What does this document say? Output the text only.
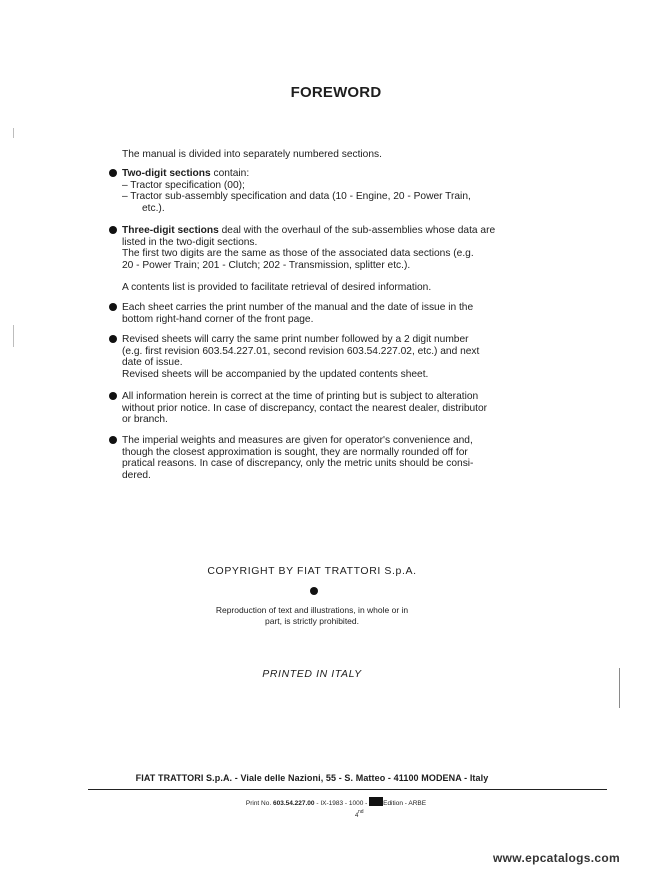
FOREWORD
The manual is divided into separately numbered sections.
Two-digit sections contain:
– Tractor specification (00);
– Tractor sub-assembly specification and data (10 - Engine, 20 - Power Train,
etc.).
Three-digit sections deal with the overhaul of the sub-assemblies whose data are
listed in the two-digit sections.
The first two digits are the same as those of the associated data sections (e.g.
20 - Power Train; 201 - Clutch; 202 - Transmission, splitter etc.).
A contents list is provided to facilitate retrieval of desired information.
Each sheet carries the print number of the manual and the date of issue in the
bottom right-hand corner of the front page.
Revised sheets will carry the same print number followed by a 2 digit number
(e.g. first revision 603.54.227.01, second revision 603.54.227.02, etc.) and next
date of issue.
Revised sheets will be accompanied by the updated contents sheet.
All information herein is correct at the time of printing but is subject to alteration
without prior notice. In case of discrepancy, contact the nearest dealer, distributor
or branch.
The imperial weights and measures are given for operator's convenience and,
though the closest approximation is sought, they are normally rounded off for
pratical reasons. In case of discrepancy, only the metric units should be consi-
dered.
COPYRIGHT BY FIAT TRATTORI S.p.A.
Reproduction of text and illustrations, in whole or in
part, is strictly prohibited.
PRINTED IN ITALY
FIAT TRATTORI S.p.A. - Viale delle Nazioni, 55 - S. Matteo - 41100 MODENA - Italy
Print No. 603.54.227.00 - IX-1983 - 1000 - Edition - ARBE
nd
4
www.epcatalogs.com
